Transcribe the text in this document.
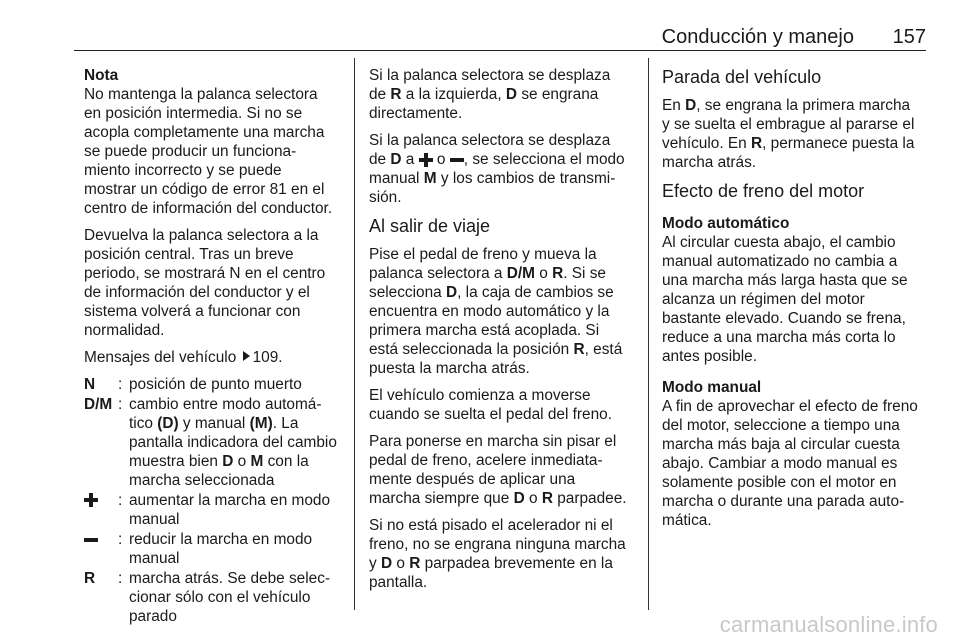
Conducción y manejo 157

Nota

No mantenga la palanca selectora
en posición intermedia. Si no se
acopla completamente una marcha
se puede producir un funciona-
miento incorrecto y se puede
mostrar un código de error 81 en el
centro de información del conductor.

Devuelva la palanca selectora a la
posición central. Tras un breve
periodo, se mostrará N en el centro
de información del conductor y el
sistema volverá a funcionar con
normalidad.

Mensajes del vehículo 109.

N	: posición de punto muerto
D/M : cambio entre modo automá-
tico (D) y manual (M). La
pantalla indicadora del cambio
muestra bien D o M con la
marcha seleccionada
: aumentar la marcha en modo
manual
: reducir la marcha en modo
manual
R	: marcha atrás. Se debe selec-
cionar sólo con el vehículo
parado

Si la palanca selectora se desplaza
de R a la izquierda, D se engrana
directamente.

Si la palanca selectora se desplaza
de D a  o , se selecciona el modo
manual M y los cambios de transmi-
sión.

Al salir de viaje

Pise el pedal de freno y mueva la
palanca selectora a D/M o R. Si se
selecciona D, la caja de cambios se
encuentra en modo automático y la
primera marcha está acoplada. Si
está seleccionada la posición R, está
puesta la marcha atrás.

El vehículo comienza a moverse
cuando se suelta el pedal del freno.

Para ponerse en marcha sin pisar el
pedal de freno, acelere inmediata-
mente después de aplicar una
marcha siempre que D o R parpadee.

Si no está pisado el acelerador ni el
freno, no se engrana ninguna marcha
y D o R parpadea brevemente en la
pantalla.

Parada del vehículo

En D, se engrana la primera marcha
y se suelta el embrague al pararse el
vehículo. En R, permanece puesta la
marcha atrás.

Efecto de freno del motor

Modo automático

Al circular cuesta abajo, el cambio
manual automatizado no cambia a
una marcha más larga hasta que se
alcanza un régimen del motor
bastante elevado. Cuando se frena,
reduce a una marcha más corta lo
antes posible.

Modo manual

A fin de aprovechar el efecto de freno
del motor, seleccione a tiempo una
marcha más baja al circular cuesta
abajo. Cambiar a modo manual es
solamente posible con el motor en
marcha o durante una parada auto-
mática.

carmanualsonline.info
